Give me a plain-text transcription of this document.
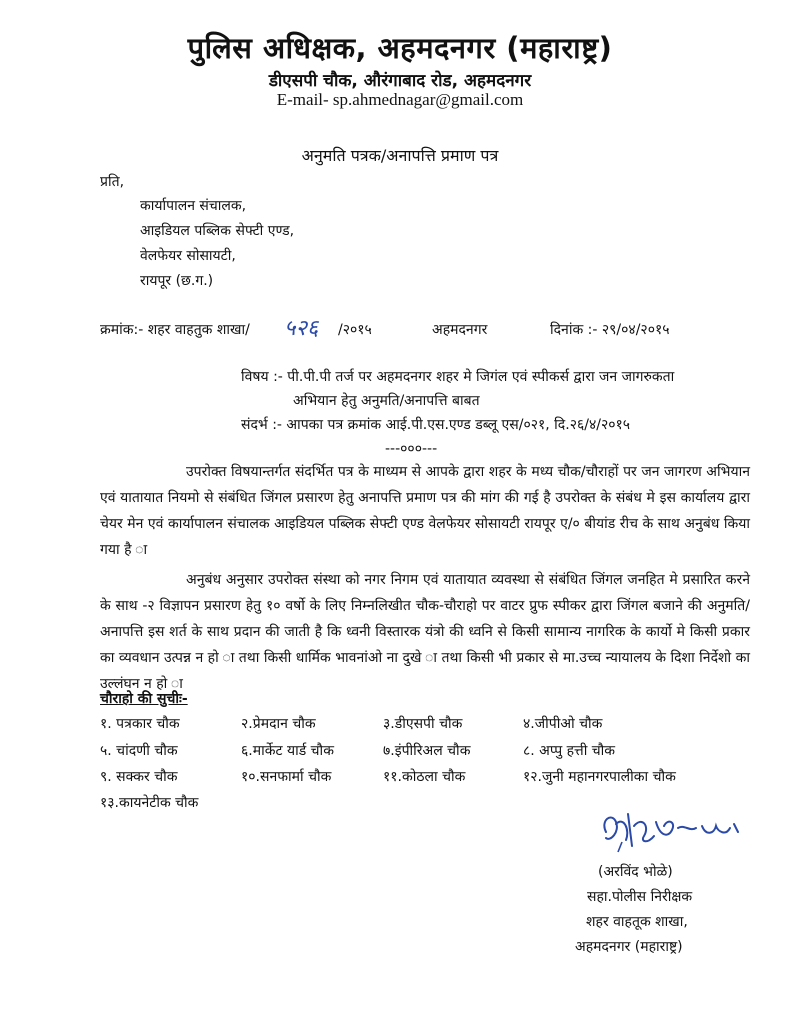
पुलिस अधिक्षक, अहमदनगर (महाराष्ट्र)
डीएसपी चौक, औरंगाबाद रोड, अहमदनगर
E-mail- sp.ahmednagar@gmail.com
अनुमति पत्रक/अनापत्ति प्रमाण पत्र
प्रति,
कार्यापालन संचालक,
आइडियल पब्लिक सेफ्टी एण्ड,
वेलफेयर सोसायटी,
रायपूर (छ.ग.)
क्रमांक:- शहर वाहतुक शाखा/ ५२६ /२०१५	अहमदनगर	दिनांक :- २९/०४/२०१५
विषय :- पी.पी.पी तर्ज पर अहमदनगर शहर मे जिगंल एवं स्पीकर्स द्वारा जन जागरुकता
अभियान हेतु अनुमति/अनापत्ति बाबत
संदर्भ :- आपका पत्र क्रमांक आई.पी.एस.एण्ड डब्लू एस/०२१, दि.२६/४/२०१५
---०००---

उपरोक्त विषयान्तर्गत संदर्भित पत्र के माध्यम से आपके द्वारा शहर के मध्य चौक/चौराहों पर जन जागरण अभियान एवं यातायात नियमो से संबंधित जिंगल प्रसारण हेतु अनापत्ति प्रमाण पत्र की मांग की गई है उपरोक्त के संबंध मे इस कार्यालय द्वारा चेयर मेन एवं कार्यापालन संचालक आइडियल पब्लिक सेफ्टी एण्ड वेलफेयर सोसायटी रायपूर ए/० बीयांड रीच के साथ अनुबंध किया गया है ा

अनुबंध अनुसार उपरोक्त संस्था को नगर निगम एवं यातायात व्यवस्था से संबंधित जिंगल जनहित मे प्रसारित करने के साथ -२ विज्ञापन प्रसारण हेतु १० वर्षो के लिए निम्नलिखीत चौक-चौराहो पर वाटर प्रुफ स्पीकर द्वारा जिंगल बजाने की अनुमति/अनापत्ति इस शर्त के साथ प्रदान की जाती है कि ध्वनी विस्तारक यंत्रो की ध्वनि से किसी सामान्य नागरिक के कार्यो मे किसी प्रकार का व्यवधान उत्पन्न न हो ा तथा किसी धार्मिक भावनांओ ना दुखे ा तथा किसी भी प्रकार से मा.उच्च न्यायालय के दिशा निर्देशो का उल्लंघन न हो ा

चौराहो की सुचीः-
१. पत्रकार चौक	२.प्रेमदान चौक	३.डीएसपी चौक	४.जीपीओ चौक
५. चांदणी चौक	६.मार्केट यार्ड चौक	७.इंपीरिअल चौक	८. अप्पु हत्ती चौक
९. सक्कर चौक	१०.सनफार्मा चौक	११.कोठला चौक	१२.जुनी महानगरपालीका चौक
१३.कायनेटीक चौक
(अरविंद भोळे)
सहा.पोलीस निरीक्षक
शहर वाहतूक शाखा,
अहमदनगर (महाराष्ट्र)
